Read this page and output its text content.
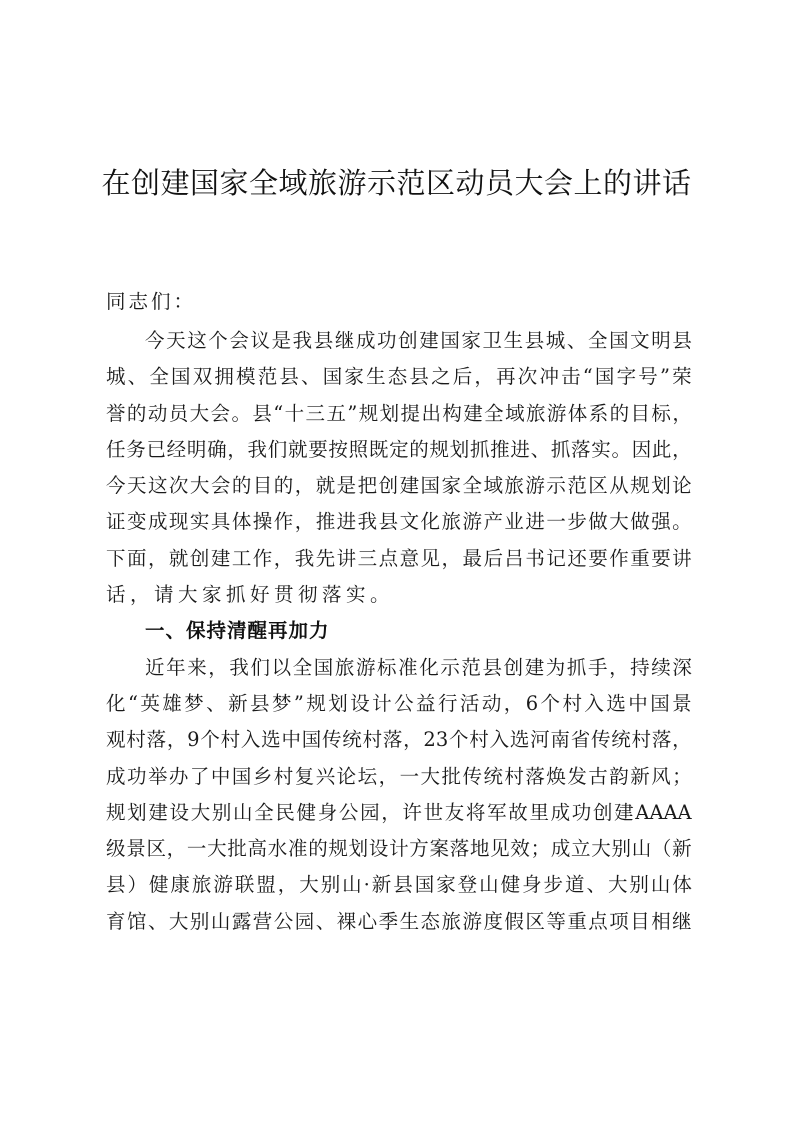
在创建国家全域旅游示范区动员大会上的讲话
同志们：
今 天 这 个 会 议 是 我 县 继 成 功 创 建 国 家 卫 生 县 城 、 全 国 文 明 县
城 、 全 国 双 拥 模 范 县 、 国 家 生 态 县 之 后 ， 再 次 冲 击 “ 国 字 号 ” 荣
誉 的 动 员 大 会 。 县 “ 十 三 五 ” 规 划 提 出 构 建 全 域 旅 游 体 系 的 目 标 ，
任 务 已 经 明 确 ， 我 们 就 要 按 照 既 定 的 规 划 抓 推 进 、 抓 落 实 。 因 此 ，
今 天 这 次 大 会 的 目 的 ， 就 是 把 创 建 国 家 全 域 旅 游 示 范 区 从 规 划 论
证 变 成 现 实 具 体 操 作 ， 推 进 我 县 文 化 旅 游 产 业 进 一 步 做 大 做 强 。
下 面 ， 就 创 建 工 作 ， 我 先 讲 三 点 意 见 ， 最 后 吕 书 记 还 要 作 重 要 讲
话，请大家抓好贯彻落实。
一、保持清醒再加力
近 年 来 ， 我 们 以 全 国 旅 游 标 准 化 示 范 县 创 建 为 抓 手 ， 持 续 深
化 “ 英 雄 梦 、 新 县 梦 ” 规 划 设 计 公 益 行 活 动 ， 6 个 村 入 选 中 国 景
观 村 落 ， 9 个 村 入 选 中 国 传 统 村 落 ， 23 个 村 入 选 河 南 省 传 统 村 落 ，
成 功 举 办 了 中 国 乡 村 复 兴 论 坛 ， 一 大 批 传 统 村 落 焕 发 古 韵 新 风 ；
规 划 建 设 大 别 山 全 民 健 身 公 园 ， 许 世 友 将 军 故 里 成 功 创 建 AAAA
级 景 区 ， 一 大 批 高 水 准 的 规 划 设 计 方 案 落 地 见 效 ； 成 立 大 别 山 （ 新
县 ） 健 康 旅 游 联 盟 ， 大 别 山 · 新 县 国 家 登 山 健 身 步 道 、 大 别 山 体
育 馆 、 大 别 山 露 营 公 园 、 裸 心 季 生 态 旅 游 度 假 区 等 重 点 项 目 相 继
